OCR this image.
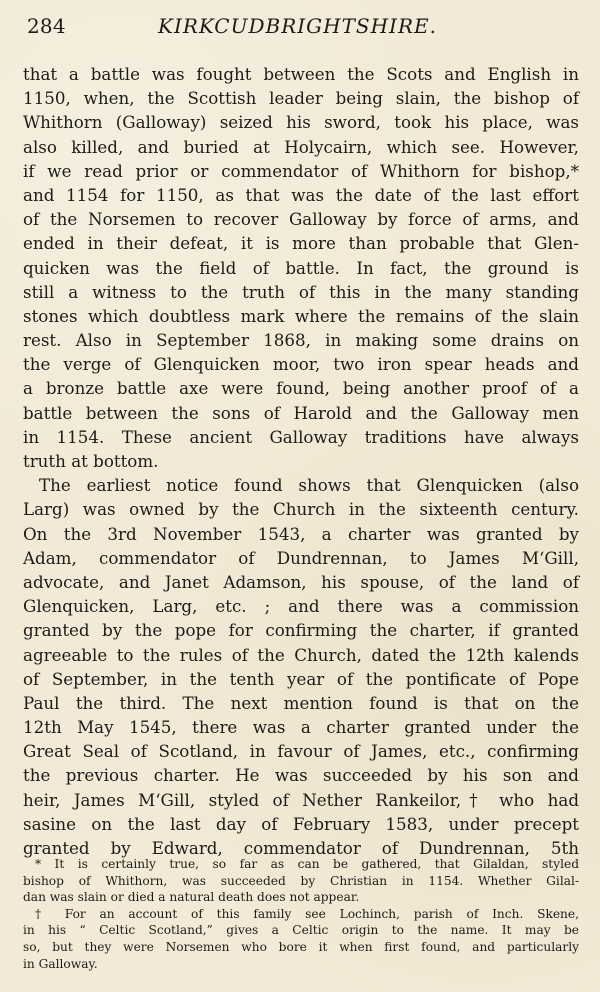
284	KIRKCUDBRIGHTSHIRE.
that a battle was fought between the Scots and English in
1150, when, the Scottish leader being slain, the bishop of
Whithorn (Galloway) seized his sword, took his place, was
also killed, and buried at Holycairn, which see. However,
if we read prior or commendator of Whithorn for bishop,*
and 1154 for 1150, as that was the date of the last effort
of the Norsemen to recover Galloway by force of arms, and
ended in their defeat, it is more than probable that Glen-
quicken was the field of battle. In fact, the ground is
still a witness to the truth of this in the many standing
stones which doubtless mark where the remains of the slain
rest. Also in September 1868, in making some drains on
the verge of Glenquicken moor, two iron spear heads and
a bronze battle axe were found, being another proof of a
battle between the sons of Harold and the Galloway men
in 1154. These ancient Galloway traditions have always
truth at bottom.
The earliest notice found shows that Glenquicken (also
Larg) was owned by the Church in the sixteenth century.
On the 3rd November 1543, a charter was granted by
Adam, commendator of Dundrennan, to James M‘Gill,
advocate, and Janet Adamson, his spouse, of the land of
Glenquicken, Larg, etc. ; and there was a commission
granted by the pope for confirming the charter, if granted
agreeable to the rules of the Church, dated the 12th kalends
of September, in the tenth year of the pontificate of Pope
Paul the third. The next mention found is that on the
12th May 1545, there was a charter granted under the
Great Seal of Scotland, in favour of James, etc., confirming
the previous charter. He was succeeded by his son and
heir, James M‘Gill, styled of Nether Rankeilor,† who had
sasine on the last day of February 1583, under precept
granted by Edward, commendator of Dundrennan, 5th
* It is certainly true, so far as can be gathered, that Gilaldan, styled
bishop of Whithorn, was succeeded by Christian in 1154. Whether Gilal-
dan was slain or died a natural death does not appear.
† For an account of this family see Lochinch, parish of Inch. Skene,
in his “ Celtic Scotland,” gives a Celtic origin to the name. It may be
so, but they were Norsemen who bore it when first found, and particularly
in Galloway.
